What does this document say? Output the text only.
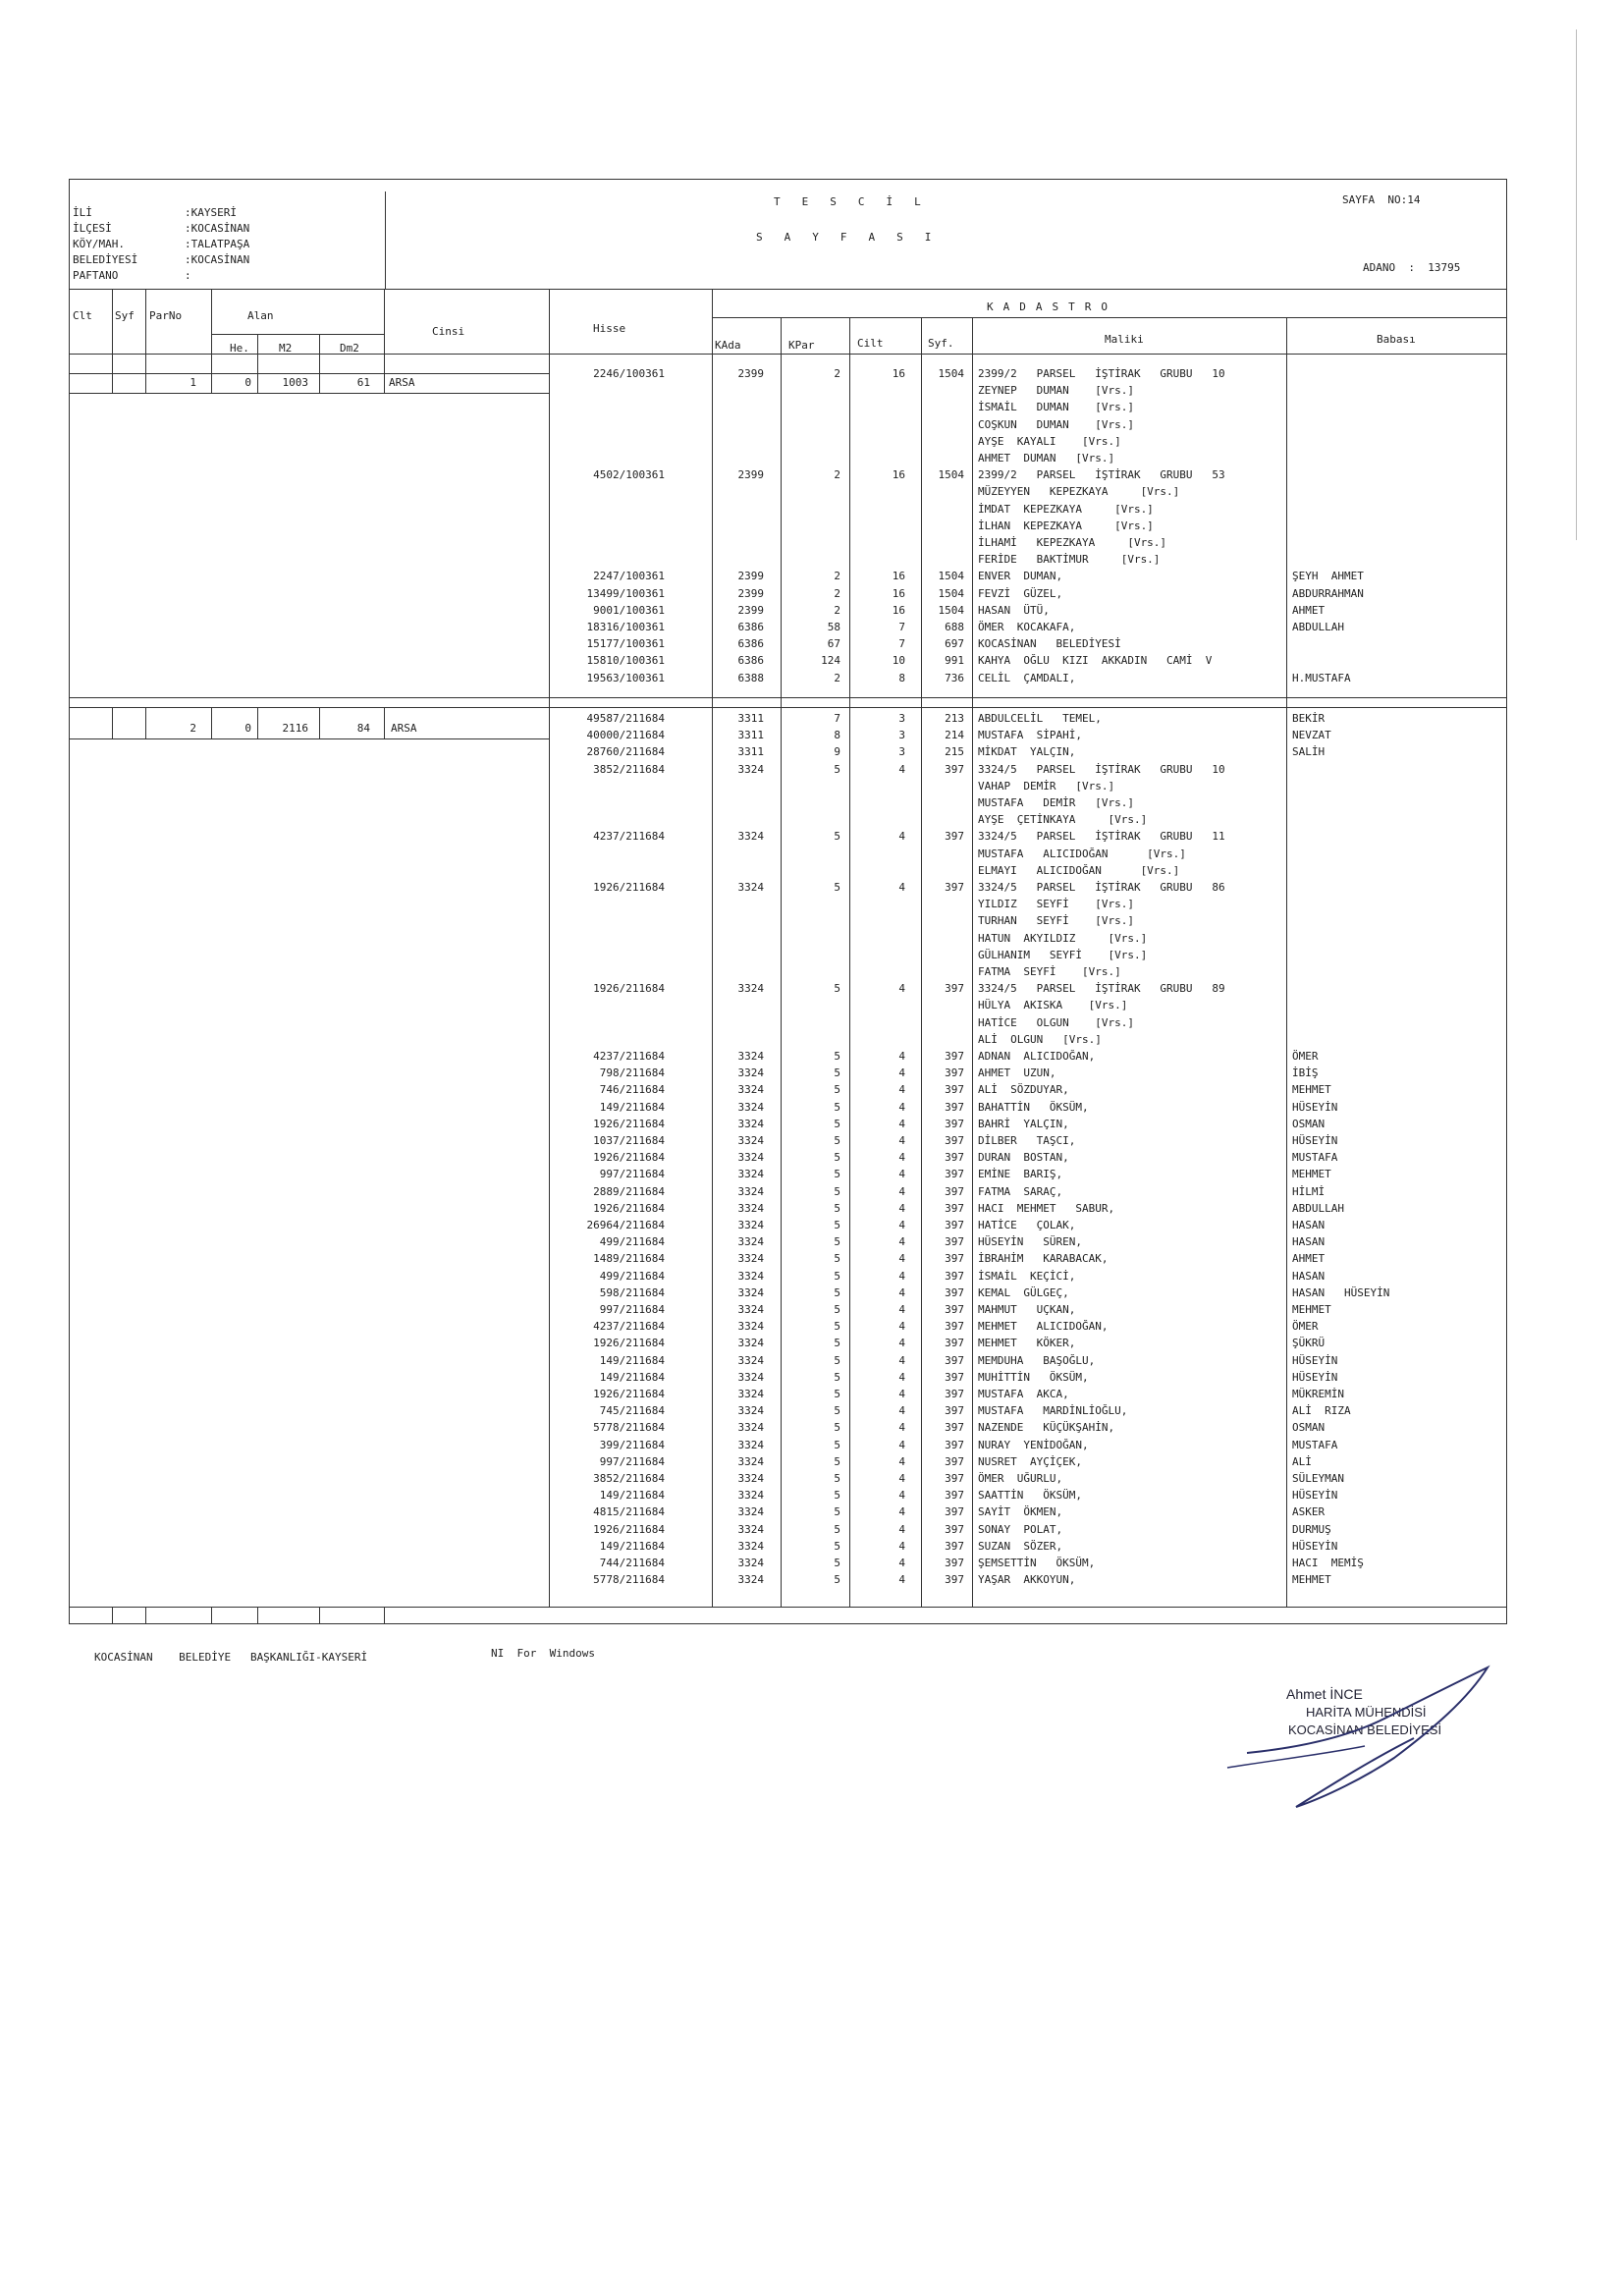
İLİ	:KAYSERİ
İLÇESİ	:KOCASİNAN
KÖY/MAH.	:TALATPAŞA
BELEDİYESİ	:KOCASİNAN
PAFTANO	:
TESCİL
SAYFASI
SAYFA  NO:14
ADANO  :  13795
Clt Syf ParNo	Alan
He.	M2	Dm2
Cinsi	Hisse
KADASTRO
KAda	KPar	Cilt	Syf.	Maliki	Babası
1	0	1003	61 ARSA
2246/100361	2399	2	16	1504 2399/2   PARSEL   İŞTİRAK   GRUBU   10
ZEYNEP   DUMAN    [Vrs.]
İSMAİL   DUMAN    [Vrs.]
COŞKUN   DUMAN    [Vrs.]
AYŞE  KAYALI    [Vrs.]
AHMET  DUMAN   [Vrs.]
4502/100361	2399	2	16	1504 2399/2   PARSEL   İŞTİRAK   GRUBU   53
MÜZEYYEN   KEPEZKAYA     [Vrs.]
İMDAT  KEPEZKAYA     [Vrs.]
İLHAN  KEPEZKAYA     [Vrs.]
İLHAMİ   KEPEZKAYA     [Vrs.]
FERİDE   BAKTİMUR     [Vrs.]
2247/100361	2399	2	16	1504 ENVER  DUMAN,	ŞEYH  AHMET
13499/100361	2399	2	16	1504 FEVZİ  GÜZEL,	ABDURRAHMAN
9001/100361	2399	2	16	1504 HASAN  ÜTÜ,	AHMET
18316/100361	6386	58	7	688 ÖMER  KOCAKAFA,	ABDULLAH
15177/100361	6386	67	7	697 KOCASİNAN   BELEDİYESİ
15810/100361	6386	124	10	991 KAHYA  OĞLU  KIZI  AKKADIN   CAMİ  V
19563/100361	6388	2	8	736 CELİL  ÇAMDALI,	H.MUSTAFA
2	0	2116	84 ARSA
49587/211684	3311	7	3	213 ABDULCELİL   TEMEL,	BEKİR
40000/211684	3311	8	3	214 MUSTAFA  SİPAHİ,	NEVZAT
28760/211684	3311	9	3	215 MİKDAT  YALÇIN,	SALİH
3852/211684	3324	5	4	397 3324/5   PARSEL   İŞTİRAK   GRUBU   10
VAHAP  DEMİR   [Vrs.]
MUSTAFA   DEMİR   [Vrs.]
AYŞE  ÇETİNKAYA     [Vrs.]
4237/211684	3324	5	4	397 3324/5   PARSEL   İŞTİRAK   GRUBU   11
MUSTAFA   ALICIDOĞAN      [Vrs.]
ELMAYI   ALICIDOĞAN      [Vrs.]
1926/211684	3324	5	4	397 3324/5   PARSEL   İŞTİRAK   GRUBU   86
YILDIZ   SEYFİ    [Vrs.]
TURHAN   SEYFİ    [Vrs.]
HATUN  AKYILDIZ     [Vrs.]
GÜLHANIM   SEYFİ    [Vrs.]
FATMA  SEYFİ    [Vrs.]
1926/211684	3324	5	4	397 3324/5   PARSEL   İŞTİRAK   GRUBU   89
HÜLYA  AKISKA    [Vrs.]
HATİCE   OLGUN    [Vrs.]
ALİ  OLGUN   [Vrs.]
4237/211684	3324	5	4	397 ADNAN  ALICIDOĞAN,	ÖMER
798/211684	3324	5	4	397 AHMET  UZUN,	İBİŞ
746/211684	3324	5	4	397 ALİ  SÖZDUYAR,	MEHMET
149/211684	3324	5	4	397 BAHATTİN   ÖKSÜM,	HÜSEYİN
1926/211684	3324	5	4	397 BAHRİ  YALÇIN,	OSMAN
1037/211684	3324	5	4	397 DİLBER   TAŞCI,	HÜSEYİN
1926/211684	3324	5	4	397 DURAN  BOSTAN,	MUSTAFA
997/211684	3324	5	4	397 EMİNE  BARIŞ,	MEHMET
2889/211684	3324	5	4	397 FATMA  SARAÇ,	HİLMİ
1926/211684	3324	5	4	397 HACI  MEHMET   SABUR,	ABDULLAH
26964/211684	3324	5	4	397 HATİCE   ÇOLAK,	HASAN
499/211684	3324	5	4	397 HÜSEYİN   SÜREN,	HASAN
1489/211684	3324	5	4	397 İBRAHİM   KARABACAK,	AHMET
499/211684	3324	5	4	397 İSMAİL  KEÇİCİ,	HASAN
598/211684	3324	5	4	397 KEMAL  GÜLGEÇ,	HASAN   HÜSEYİN
997/211684	3324	5	4	397 MAHMUT   UÇKAN,	MEHMET
4237/211684	3324	5	4	397 MEHMET   ALICIDOĞAN,	ÖMER
1926/211684	3324	5	4	397 MEHMET   KÖKER,	ŞÜKRÜ
149/211684	3324	5	4	397 MEMDUHA   BAŞOĞLU,	HÜSEYİN
149/211684	3324	5	4	397 MUHİTTİN   ÖKSÜM,	HÜSEYİN
1926/211684	3324	5	4	397 MUSTAFA  AKCA,	MÜKREMİN
745/211684	3324	5	4	397 MUSTAFA   MARDİNLİOĞLU,	ALİ  RIZA
5778/211684	3324	5	4	397 NAZENDE   KÜÇÜKŞAHİN,	OSMAN
399/211684	3324	5	4	397 NURAY  YENİDOĞAN,	MUSTAFA
997/211684	3324	5	4	397 NUSRET  AYÇİÇEK,	ALİ
3852/211684	3324	5	4	397 ÖMER  UĞURLU,	SÜLEYMAN
149/211684	3324	5	4	397 SAATTİN   ÖKSÜM,	HÜSEYİN
4815/211684	3324	5	4	397 SAYİT  ÖKMEN,	ASKER
1926/211684	3324	5	4	397 SONAY  POLAT,	DURMUŞ
149/211684	3324	5	4	397 SUZAN  SÖZER,	HÜSEYİN
744/211684	3324	5	4	397 ŞEMSETTİN   ÖKSÜM,	HACI  MEMİŞ
5778/211684	3324	5	4	397 YAŞAR  AKKOYUN,	MEHMET
KOCASİNAN    BELEDİYE   BAŞKANLIĞI-KAYSERİ	NI  For  Windows
Ahmet İNCE
HARİTA MÜHENDİSİ
KOCASİNAN BELEDİYESİ
